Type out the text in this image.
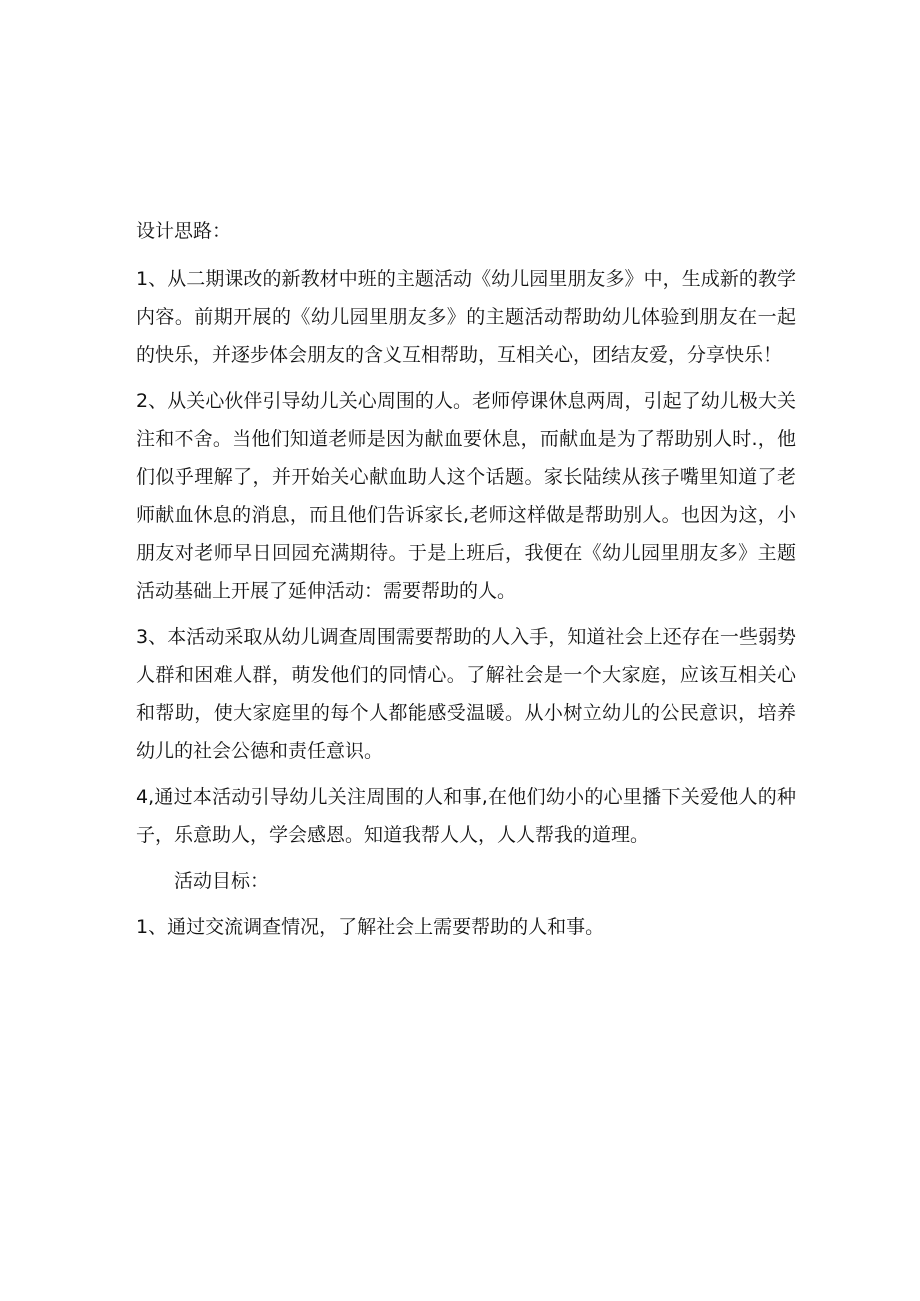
设计思路：

1、从二期课改的新教材中班的主题活动《幼儿园里朋友多》中，生成新的教学内容。前期开展的《幼儿园里朋友多》的主题活动帮助幼儿体验到朋友在一起的快乐，并逐步体会朋友的含义互相帮助，互相关心，团结友爱，分享快乐！

2、从关心伙伴引导幼儿关心周围的人。老师停课休息两周，引起了幼儿极大关注和不舍。当他们知道老师是因为献血要休息，而献血是为了帮助别人时.，他们似乎理解了，并开始关心献血助人这个话题。家长陆续从孩子嘴里知道了老师献血休息的消息，而且他们告诉家长,老师这样做是帮助别人。也因为这，小朋友对老师早日回园充满期待。于是上班后，我便在《幼儿园里朋友多》主题活动基础上开展了延伸活动：需要帮助的人。

3、本活动采取从幼儿调查周围需要帮助的人入手，知道社会上还存在一些弱势人群和困难人群，萌发他们的同情心。了解社会是一个大家庭，应该互相关心和帮助，使大家庭里的每个人都能感受温暖。从小树立幼儿的公民意识，培养幼儿的社会公德和责任意识。

4,通过本活动引导幼儿关注周围的人和事,在他们幼小的心里播下关爱他人的种子，乐意助人，学会感恩。知道我帮人人，人人帮我的道理。

活动目标：

1、通过交流调查情况，了解社会上需要帮助的人和事。
